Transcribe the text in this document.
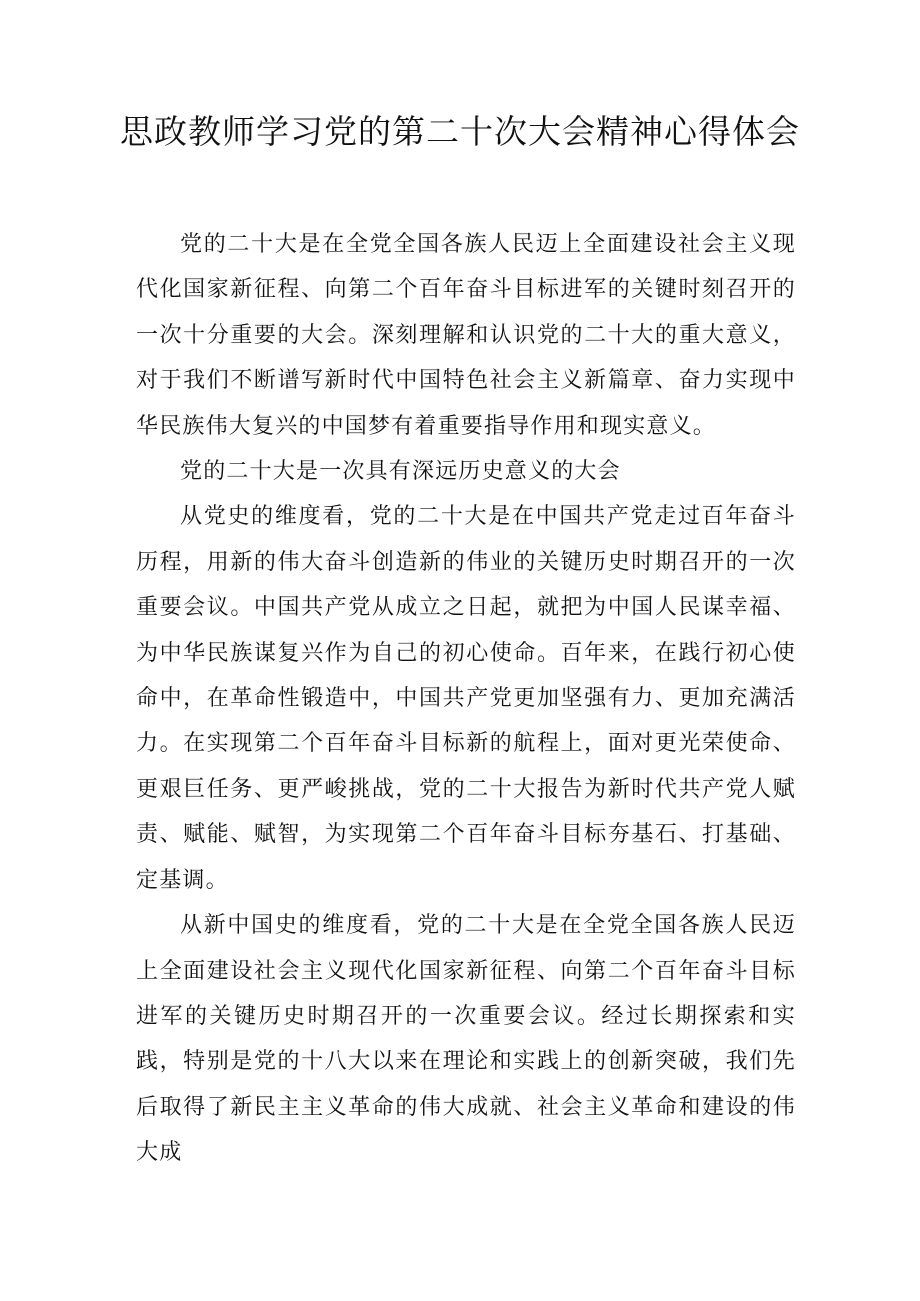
思政教师学习党的第二十次大会精神心得体会

党的二十大是在全党全国各族人民迈上全面建设社会主义现代化国家新征程、向第二个百年奋斗目标进军的关键时刻召开的一次十分重要的大会。深刻理解和认识党的二十大的重大意义，对于我们不断谱写新时代中国特色社会主义新篇章、奋力实现中华民族伟大复兴的中国梦有着重要指导作用和现实意义。

党的二十大是一次具有深远历史意义的大会

从党史的维度看，党的二十大是在中国共产党走过百年奋斗历程，用新的伟大奋斗创造新的伟业的关键历史时期召开的一次重要会议。中国共产党从成立之日起，就把为中国人民谋幸福、为中华民族谋复兴作为自己的初心使命。百年来，在践行初心使命中，在革命性锻造中，中国共产党更加坚强有力、更加充满活力。在实现第二个百年奋斗目标新的航程上，面对更光荣使命、更艰巨任务、更严峻挑战，党的二十大报告为新时代共产党人赋责、赋能、赋智，为实现第二个百年奋斗目标夯基石、打基础、定基调。

从新中国史的维度看，党的二十大是在全党全国各族人民迈上全面建设社会主义现代化国家新征程、向第二个百年奋斗目标进军的关键历史时期召开的一次重要会议。经过长期探索和实践，特别是党的十八大以来在理论和实践上的创新突破，我们先后取得了新民主主义革命的伟大成就、社会主义革命和建设的伟大成
